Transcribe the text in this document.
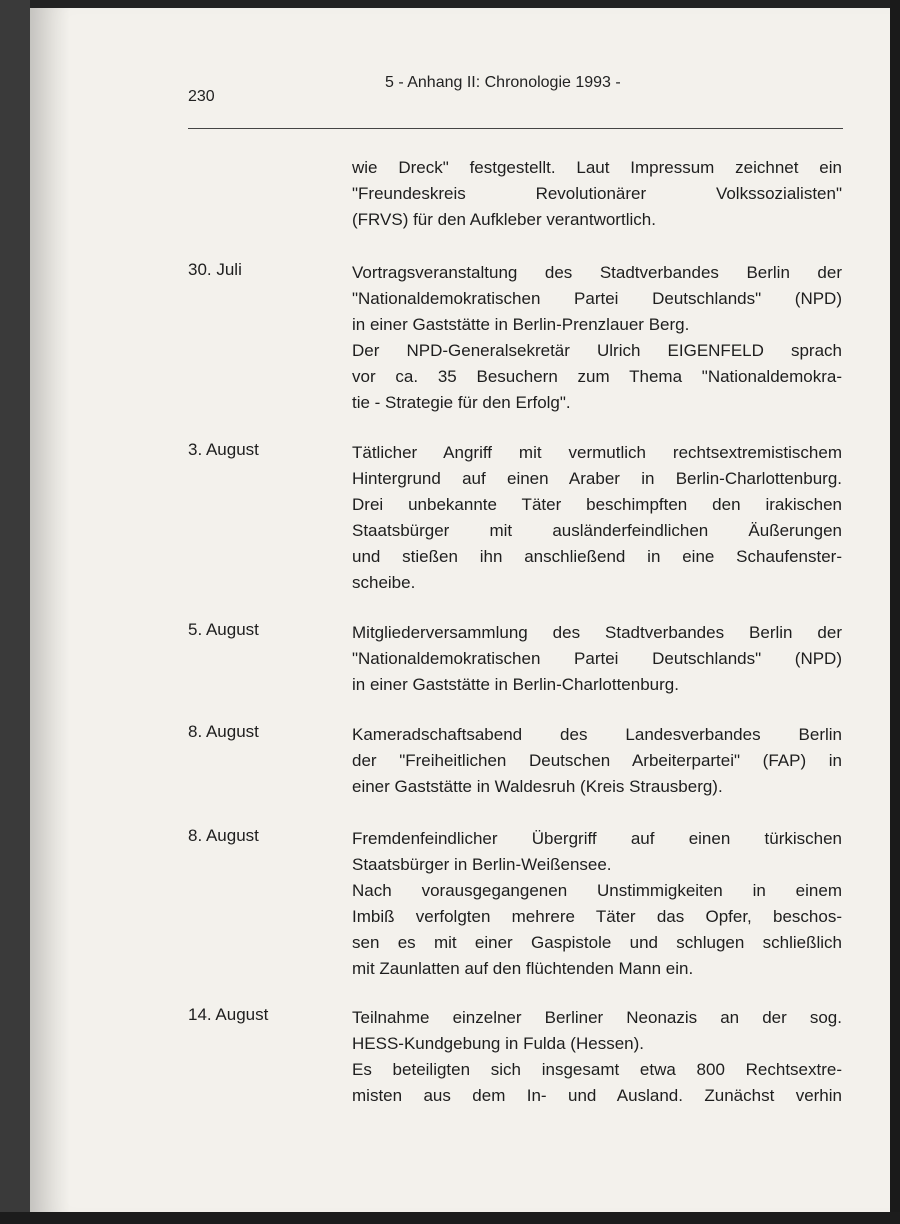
230
5 - Anhang II: Chronologie 1993 -

wie Dreck" festgestellt. Laut Impressum zeichnet ein
"Freundeskreis Revolutionärer Volkssozialisten"
(FRVS) für den Aufkleber verantwortlich.

30. Juli	Vortragsveranstaltung des Stadtverbandes Berlin der
"Nationaldemokratischen Partei Deutschlands" (NPD)
in einer Gaststätte in Berlin-Prenzlauer Berg.
Der NPD-Generalsekretär Ulrich EIGENFELD sprach
vor ca. 35 Besuchern zum Thema "Nationaldemokra-
tie - Strategie für den Erfolg".

3. August	Tätlicher Angriff mit vermutlich rechtsextremistischem
Hintergrund auf einen Araber in Berlin-Charlottenburg.
Drei unbekannte Täter beschimpften den irakischen
Staatsbürger mit ausländerfeindlichen Äußerungen
und stießen ihn anschließend in eine Schaufenster-
scheibe.

5. August	Mitgliederversammlung des Stadtverbandes Berlin der
"Nationaldemokratischen Partei Deutschlands" (NPD)
in einer Gaststätte in Berlin-Charlottenburg.

8. August	Kameradschaftsabend des Landesverbandes Berlin
der "Freiheitlichen Deutschen Arbeiterpartei" (FAP) in
einer Gaststätte in Waldesruh (Kreis Strausberg).

8. August	Fremdenfeindlicher Übergriff auf einen türkischen
Staatsbürger in Berlin-Weißensee.
Nach vorausgegangenen Unstimmigkeiten in einem
Imbiß verfolgten mehrere Täter das Opfer, beschos-
sen es mit einer Gaspistole und schlugen schließlich
mit Zaunlatten auf den flüchtenden Mann ein.

14. August	Teilnahme einzelner Berliner Neonazis an der sog.
HESS-Kundgebung in Fulda (Hessen).
Es beteiligten sich insgesamt etwa 800 Rechtsextre-
misten aus dem In- und Ausland. Zunächst verhin
